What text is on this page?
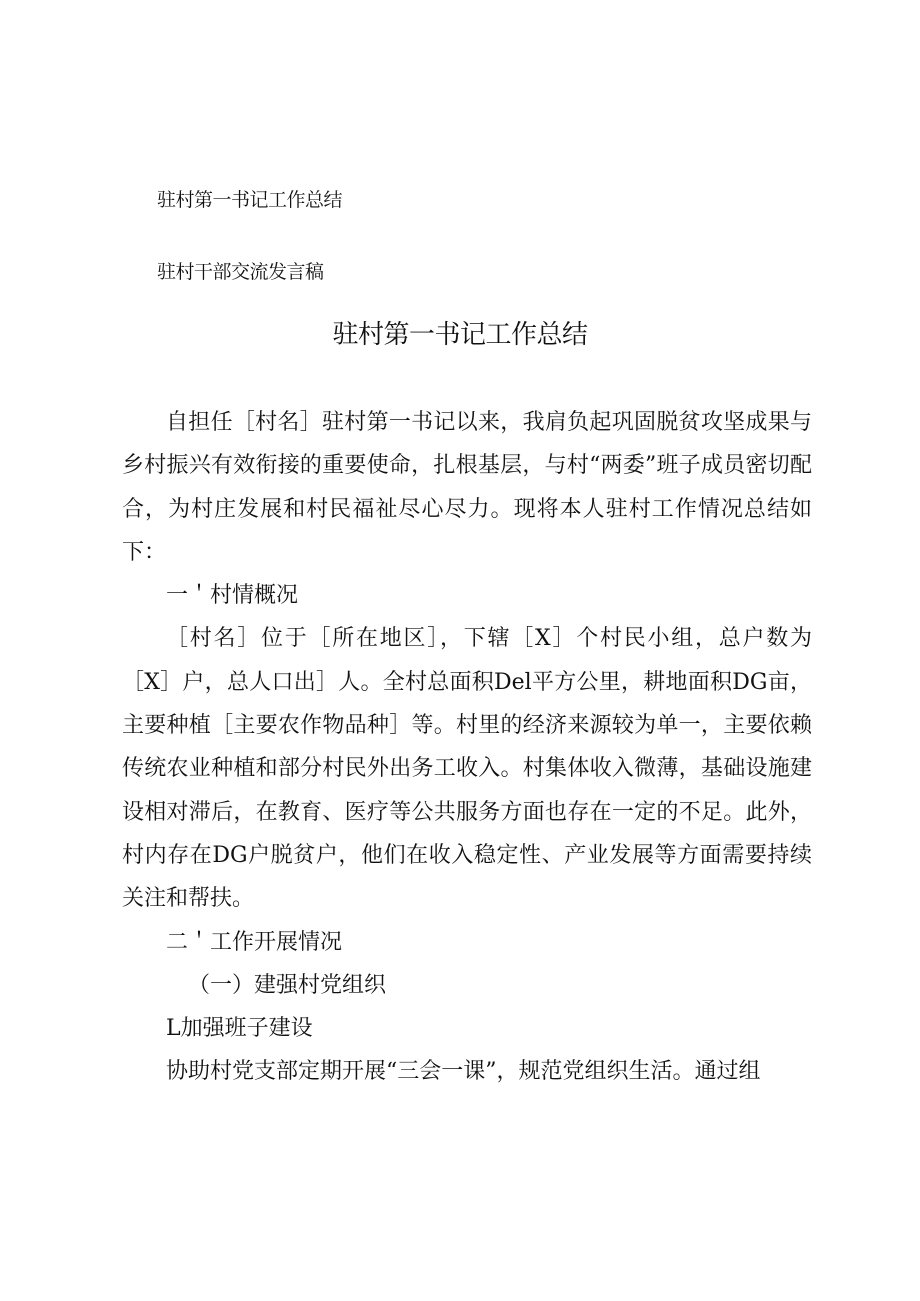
驻村第一书记工作总结
驻村干部交流发言稿
驻村第一书记工作总结

自担任［村名］驻村第一书记以来，我肩负起巩固脱贫攻坚成果与乡村振兴有效衔接的重要使命，扎根基层，与村“两委”班子成员密切配合，为村庄发展和村民福祉尽心尽力。现将本人驻村工作情况总结如下：

一＇村情概况

［村名］位于［所在地区］，下辖［X］个村民小组，总户数为［X］户，总人口出］人。全村总面积Del平方公里，耕地面积DG亩，主要种植［主要农作物品种］等。村里的经济来源较为单一，主要依赖传统农业种植和部分村民外出务工收入。村集体收入微薄，基础设施建设相对滞后，在教育、医疗等公共服务方面也存在一定的不足。此外，村内存在DG户脱贫户，他们在收入稳定性、产业发展等方面需要持续关注和帮扶。

二＇工作开展情况

（一）建强村党组织

L加强班子建设

协助村党支部定期开展“三会一课”，规范党组织生活。通过组
